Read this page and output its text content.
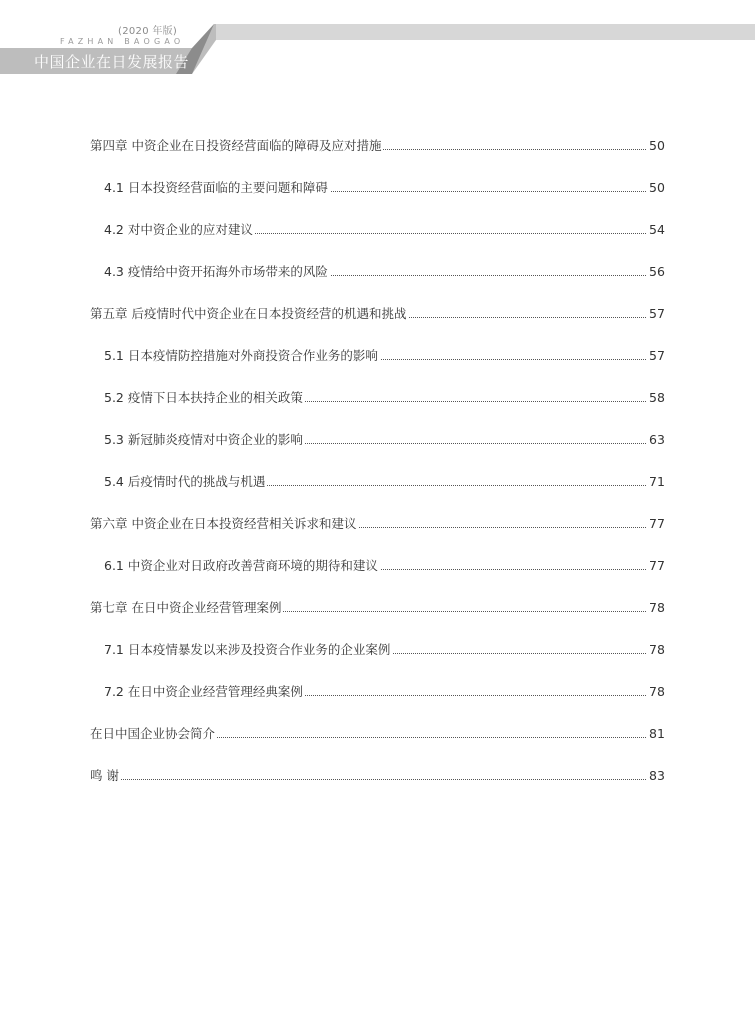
(2020 年版)
FAZHAN BAOGAO
中国企业在日发展报告
第四章 中资企业在日投资经营面临的障碍及应对措施	50
4.1 日本投资经营面临的主要问题和障碍	50
4.2 对中资企业的应对建议	54
4.3 疫情给中资开拓海外市场带来的风险	56
第五章 后疫情时代中资企业在日本投资经营的机遇和挑战	57
5.1 日本疫情防控措施对外商投资合作业务的影响	57
5.2 疫情下日本扶持企业的相关政策	58
5.3 新冠肺炎疫情对中资企业的影响	63
5.4 后疫情时代的挑战与机遇	71
第六章 中资企业在日本投资经营相关诉求和建议	77
6.1 中资企业对日政府改善营商环境的期待和建议	77
第七章 在日中资企业经营管理案例	78
7.1 日本疫情暴发以来涉及投资合作业务的企业案例	78
7.2 在日中资企业经营管理经典案例	78
在日中国企业协会简介	81
鸣 谢	83
